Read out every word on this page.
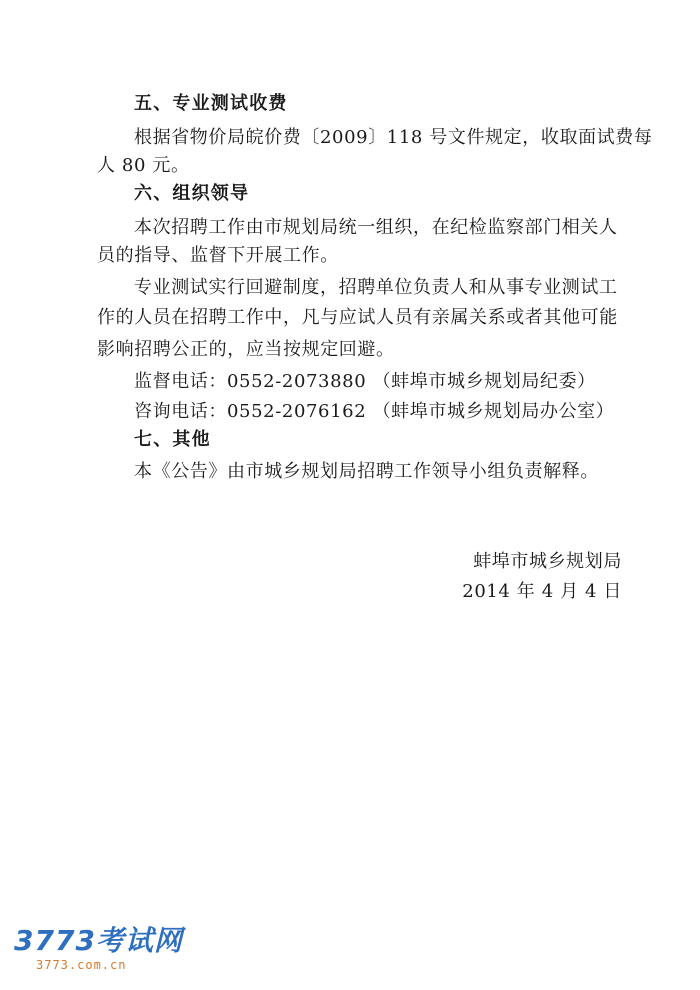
五、专业测试收费
根据省物价局皖价费〔2009〕118 号文件规定，收取面试费每
人 80 元。
六、组织领导
本次招聘工作由市规划局统一组织，在纪检监察部门相关人
员的指导、监督下开展工作。
专业测试实行回避制度，招聘单位负责人和从事专业测试工
作的人员在招聘工作中，凡与应试人员有亲属关系或者其他可能
影响招聘公正的，应当按规定回避。
监督电话：0552-2073880 （蚌埠市城乡规划局纪委）
咨询电话：0552-2076162 （蚌埠市城乡规划局办公室）
七、其他
本《公告》由市城乡规划局招聘工作领导小组负责解释。
蚌埠市城乡规划局
2014 年 4 月 4 日
3773考试网
3773.com.cn
